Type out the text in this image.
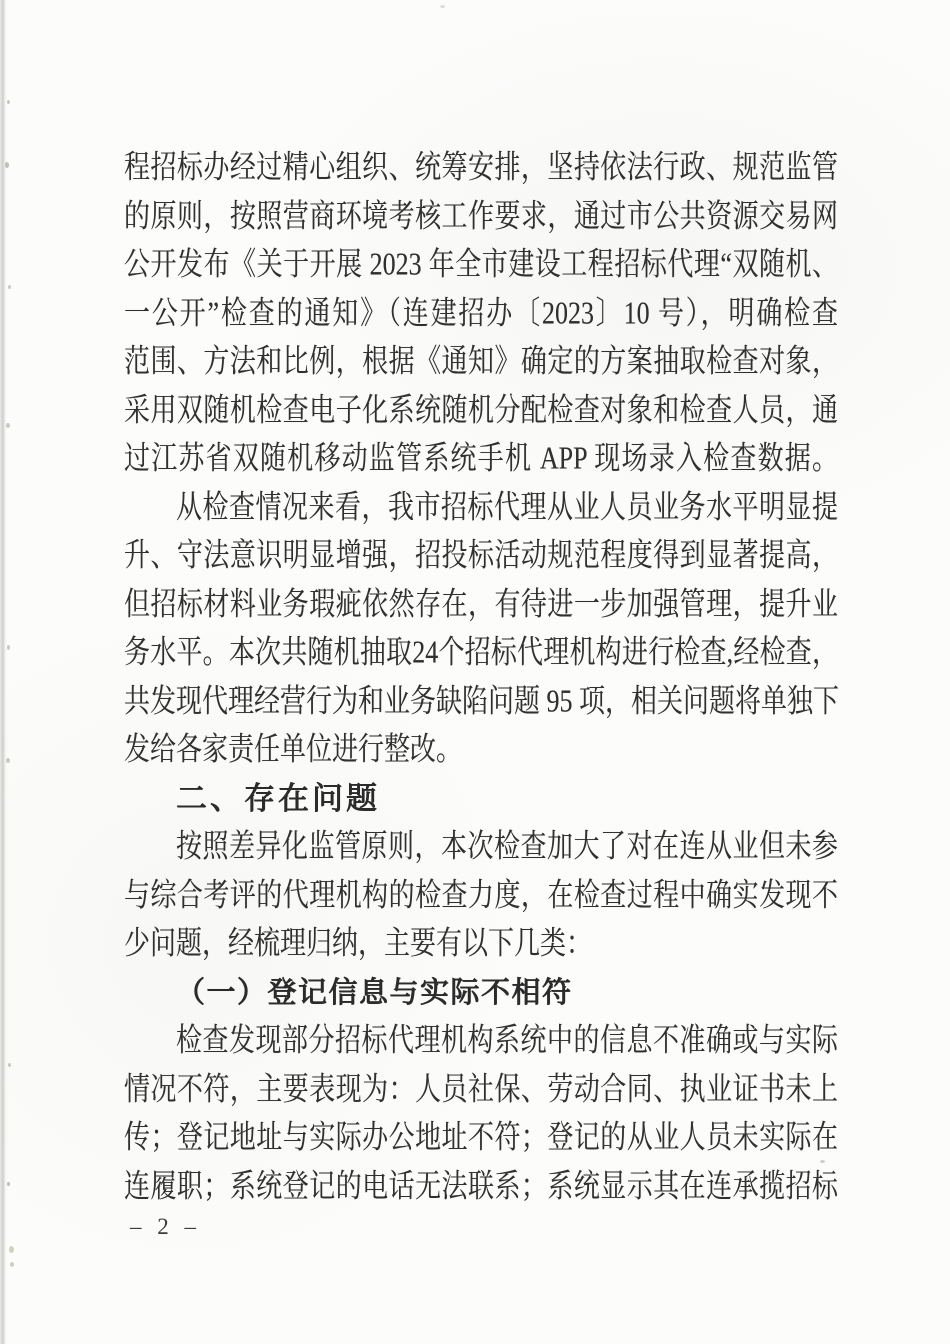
程招标办经过精心组织、统筹安排，坚持依法行政、规范监管
的原则，按照营商环境考核工作要求，通过市公共资源交易网
公开发布《关于开展 2023 年全市建设工程招标代理“双随机、
一公开”检查的通知》（连建招办〔2023〕10 号），明确检查
范围、方法和比例，根据《通知》确定的方案抽取检查对象，
采用双随机检查电子化系统随机分配检查对象和检查人员，通
过江苏省双随机移动监管系统手机 APP 现场录入检查数据。
从检查情况来看，我市招标代理从业人员业务水平明显提
升、守法意识明显增强，招投标活动规范程度得到显著提高，
但招标材料业务瑕疵依然存在，有待进一步加强管理，提升业
务水平。本次共随机抽取24个招标代理机构进行检查,经检查，
共发现代理经营行为和业务缺陷问题 95 项，相关问题将单独下
发给各家责任单位进行整改。
二、存在问题
按照差异化监管原则，本次检查加大了对在连从业但未参
与综合考评的代理机构的检查力度，在检查过程中确实发现不
少问题，经梳理归纳，主要有以下几类：
（一）登记信息与实际不相符
检查发现部分招标代理机构系统中的信息不准确或与实际
情况不符，主要表现为：人员社保、劳动合同、执业证书未上
传；登记地址与实际办公地址不符；登记的从业人员未实际在
连履职；系统登记的电话无法联系；系统显示其在连承揽招标
– 2 –
